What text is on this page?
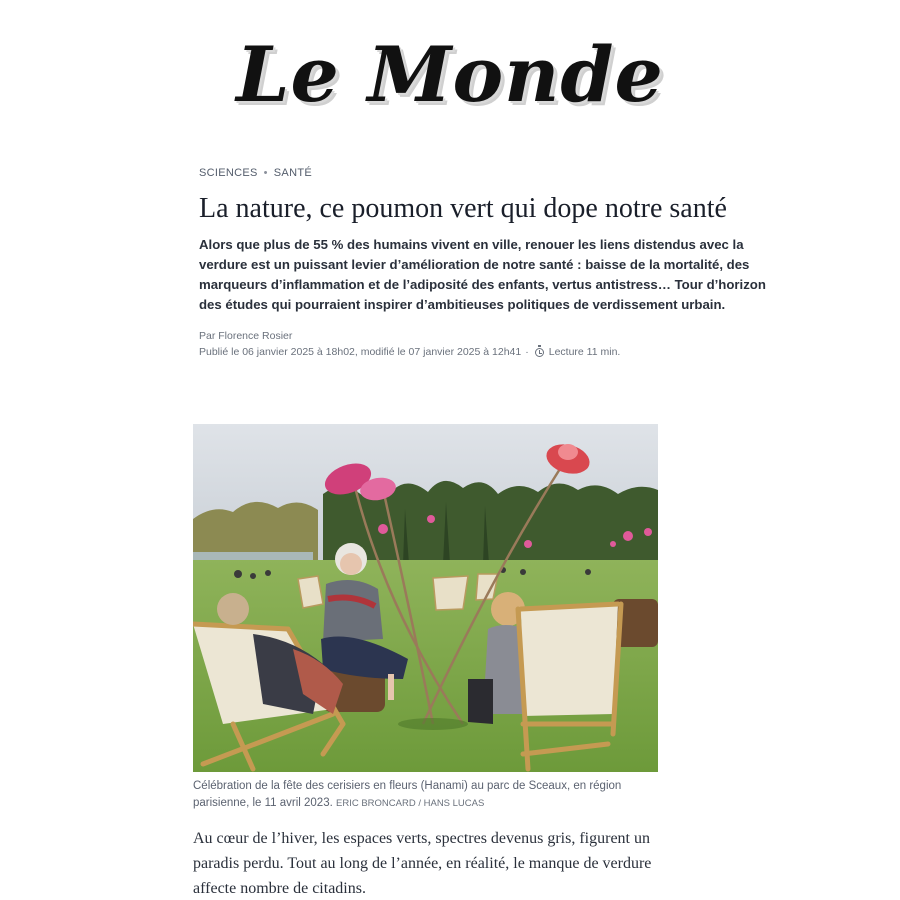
Le Monde
SCIENCES • SANTÉ
La nature, ce poumon vert qui dope notre santé

Alors que plus de 55 % des humains vivent en ville, renouer les liens distendus avec la verdure est un puissant levier d’amélioration de notre santé : baisse de la mortalité, des marqueurs d’inflammation et de l’adiposité des enfants, vertus antistress… Tour d’horizon des études qui pourraient inspirer d’ambitieuses politiques de verdissement urbain.

Par Florence Rosier
Publié le 06 janvier 2025 à 18h02, modifié le 07 janvier 2025 à 12h41 · Lecture 11 min.
Célébration de la fête des cerisiers en fleurs (Hanami) au parc de Sceaux, en région parisienne, le 11 avril 2023. ERIC BRONCARD / HANS LUCAS

Au cœur de l’hiver, les espaces verts, spectres devenus gris, figurent un paradis perdu. Tout au long de l’année, en réalité, le manque de verdure affecte nombre de citadins.
